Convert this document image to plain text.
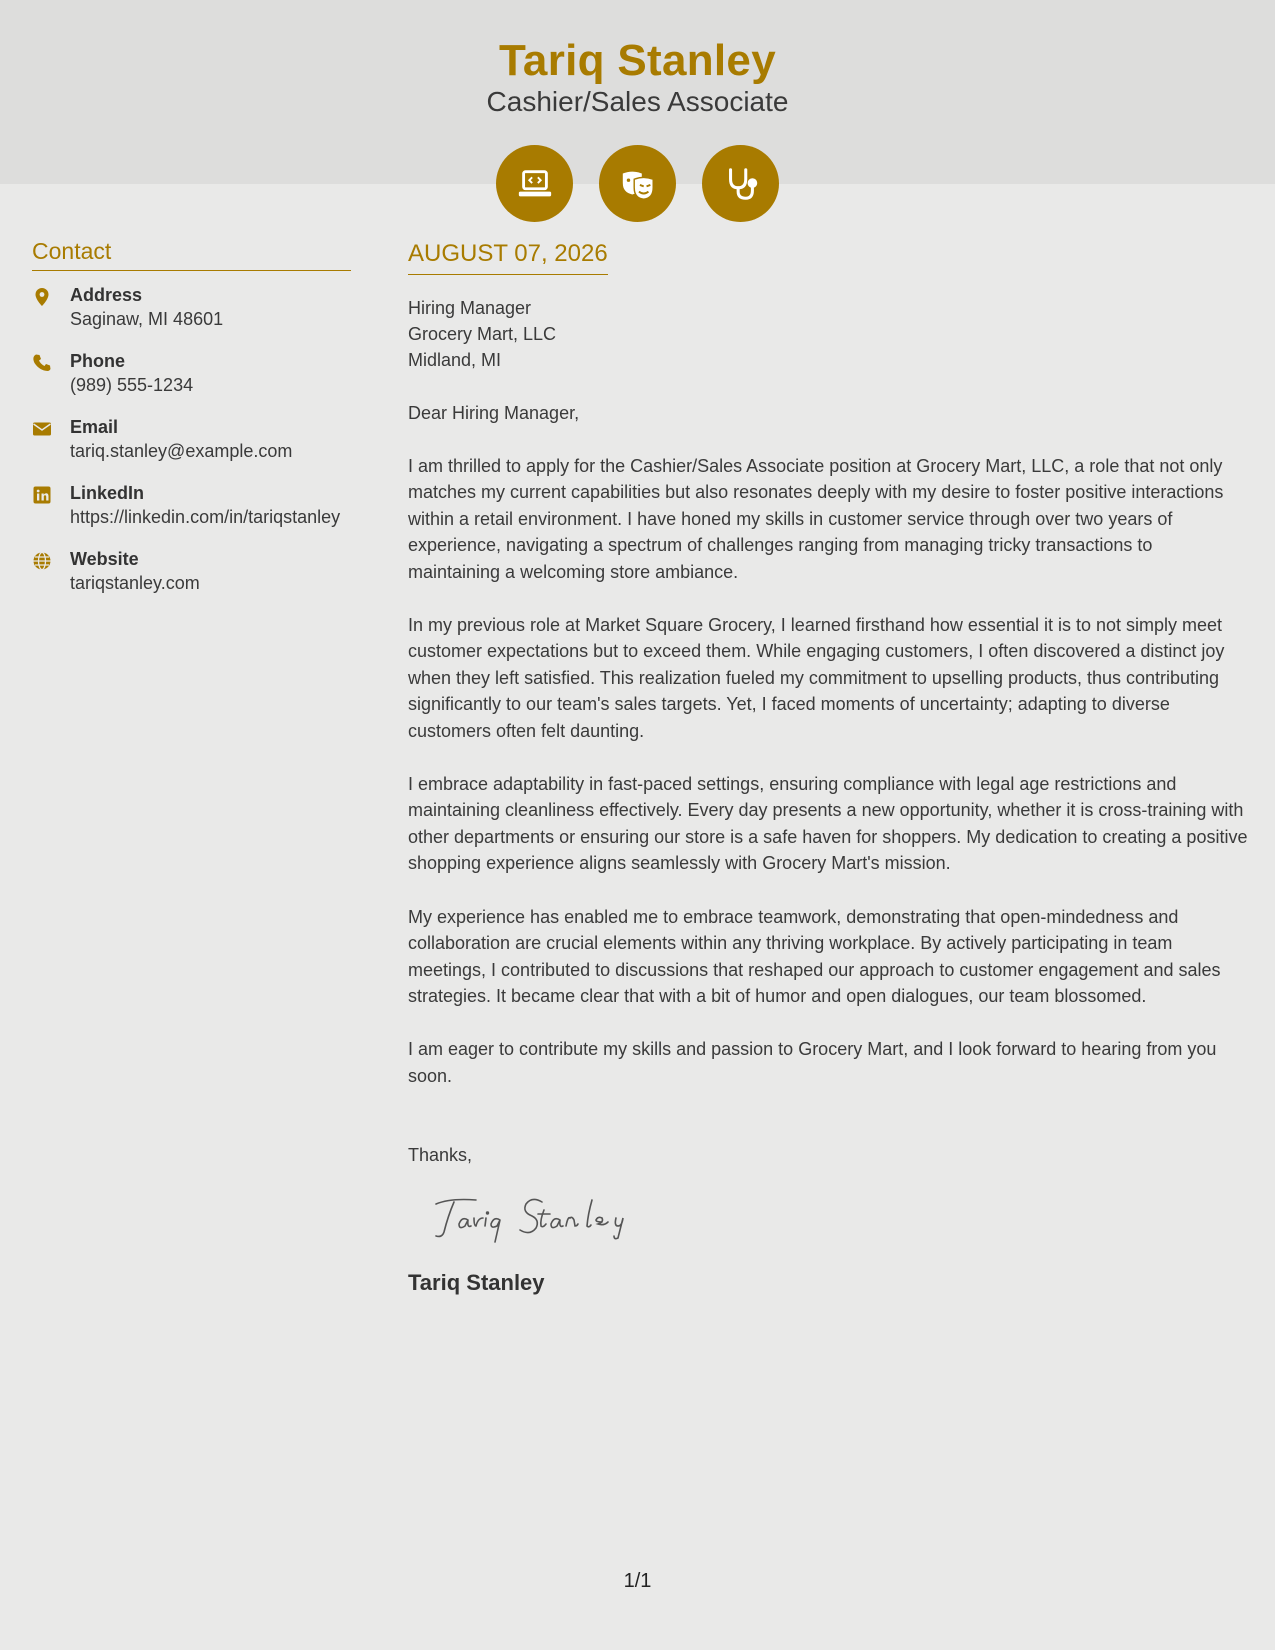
Tariq Stanley
Cashier/Sales Associate
Contact
Address
Saginaw, MI 48601
Phone
(989) 555-1234
Email
tariq.stanley@example.com
LinkedIn
https://linkedin.com/in/tariqstanley
Website
tariqstanley.com
AUGUST 07, 2026
Hiring Manager
Grocery Mart, LLC
Midland, MI
Dear Hiring Manager,
I am thrilled to apply for the Cashier/Sales Associate position at Grocery Mart, LLC, a role that not only matches my current capabilities but also resonates deeply with my desire to foster positive interactions within a retail environment. I have honed my skills in customer service through over two years of experience, navigating a spectrum of challenges ranging from managing tricky transactions to maintaining a welcoming store ambiance.
In my previous role at Market Square Grocery, I learned firsthand how essential it is to not simply meet customer expectations but to exceed them. While engaging customers, I often discovered a distinct joy when they left satisfied. This realization fueled my commitment to upselling products, thus contributing significantly to our team's sales targets. Yet, I faced moments of uncertainty; adapting to diverse customers often felt daunting.
I embrace adaptability in fast-paced settings, ensuring compliance with legal age restrictions and maintaining cleanliness effectively. Every day presents a new opportunity, whether it is cross-training with other departments or ensuring our store is a safe haven for shoppers. My dedication to creating a positive shopping experience aligns seamlessly with Grocery Mart's mission.
My experience has enabled me to embrace teamwork, demonstrating that open-mindedness and collaboration are crucial elements within any thriving workplace. By actively participating in team meetings, I contributed to discussions that reshaped our approach to customer engagement and sales strategies. It became clear that with a bit of humor and open dialogues, our team blossomed.
I am eager to contribute my skills and passion to Grocery Mart, and I look forward to hearing from you soon.
Thanks,
Tariq Stanley
1/1
